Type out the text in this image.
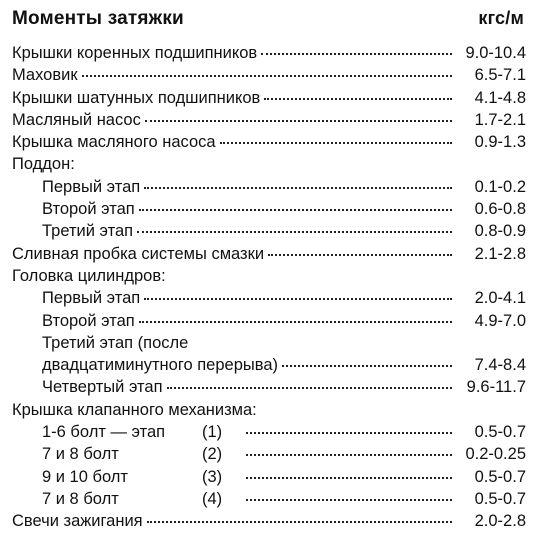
Моменты затяжки	кгс/м
Крышки коренных подшипников	9.0-10.4
Маховик	6.5-7.1
Крышки шатунных подшипников	4.1-4.8
Масляный насос	1.7-2.1
Крышка масляного насоса	0.9-1.3
Поддон:
Первый этап	0.1-0.2
Второй этап	0.6-0.8
Третий этап	0.8-0.9
Сливная пробка системы смазки	2.1-2.8
Головка цилиндров:
Первый этап	2.0-4.1
Второй этап	4.9-7.0
Третий этап (после
двадцатиминутного перерыва)	7.4-8.4
Четвертый этап	9.6-11.7
Крышка клапанного механизма:
1-6 болт — этап	(1)	0.5-0.7
7 и 8 болт	(2)	0.2-0.25
9 и 10 болт	(3)	0.5-0.7
7 и 8 болт	(4)	0.5-0.7
Свечи зажигания	2.0-2.8
